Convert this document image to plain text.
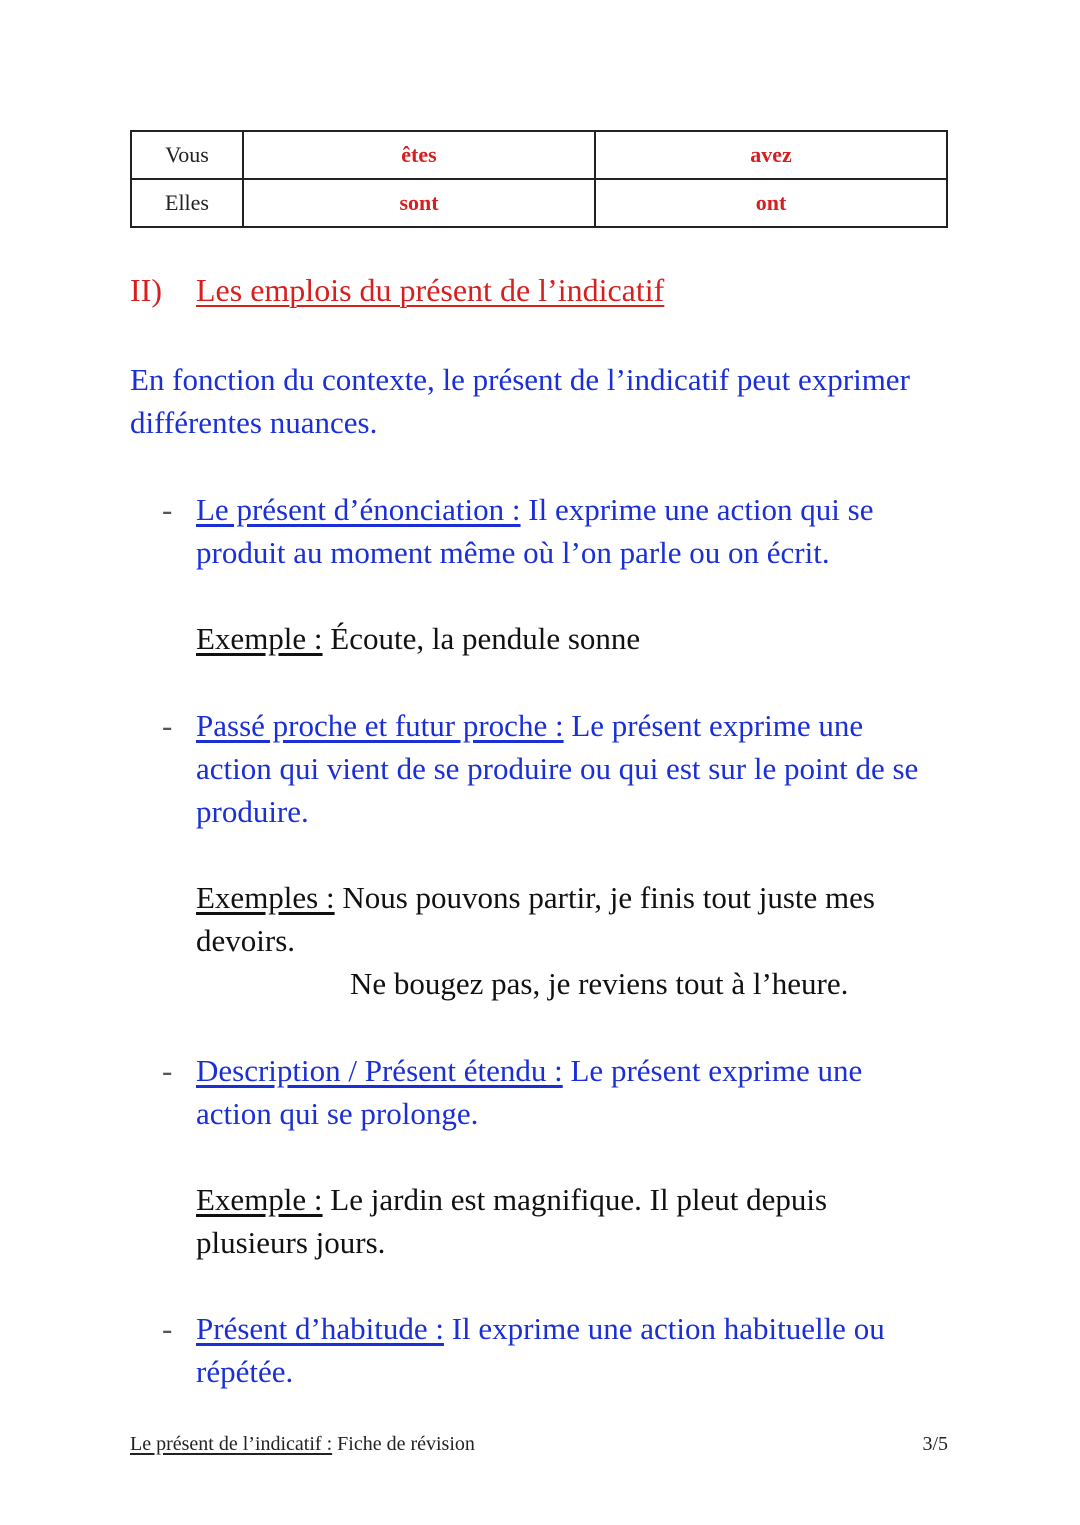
Vous	êtes	avez
Elles	sont	ont
II) Les emplois du présent de l’indicatif
En fonction du contexte, le présent de l’indicatif peut exprimer différentes nuances.
- Le présent d’énonciation : Il exprime une action qui se produit au moment même où l’on parle ou on écrit.
Exemple : Écoute, la pendule sonne
- Passé proche et futur proche : Le présent exprime une action qui vient de se produire ou qui est sur le point de se produire.
Exemples : Nous pouvons partir, je finis tout juste mes devoirs.
Ne bougez pas, je reviens tout à l’heure.
- Description / Présent étendu : Le présent exprime une action qui se prolonge.
Exemple : Le jardin est magnifique. Il pleut depuis plusieurs jours.
- Présent d’habitude : Il exprime une action habituelle ou répétée.
Le présent de l’indicatif : Fiche de révision	3/5
